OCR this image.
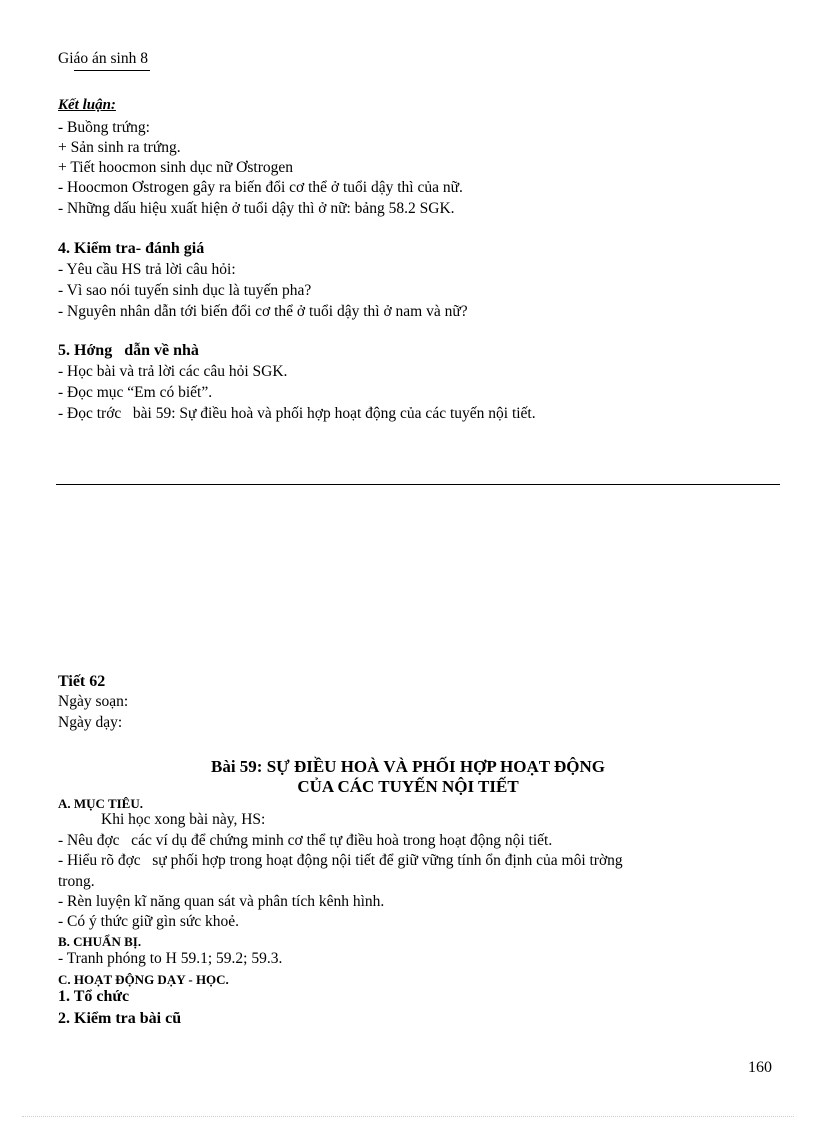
Giáo án sinh 8
Kết luận:
- Buồng trứng:
+ Sản sinh ra trứng.
+ Tiết hoocmon sinh dục nữ Ơstrogen
- Hoocmon Ơstrogen gây ra biến đổi cơ thể ở tuổi dậy thì của nữ.
- Những dấu hiệu xuất hiện ở tuổi dậy thì ở nữ: bảng 58.2 SGK.
4. Kiểm tra- đánh giá
- Yêu cầu HS trả lời câu hỏi:
- Vì sao nói tuyến sinh dục là tuyến pha?
- Nguyên nhân dẫn tới biến đổi cơ thể ở tuổi dậy thì ở nam và nữ?
5. Hớng   dẫn về nhà
- Học bài và trả lời các câu hỏi SGK.
- Đọc mục “Em có biết”.
- Đọc trớc   bài 59: Sự điều hoà và phối hợp hoạt động của các tuyến nội tiết.
Tiết 62
Ngày soạn:
Ngày dạy:
Bài 59: SỰ ĐIỀU HOÀ VÀ PHỐI HỢP HOẠT ĐỘNG
CỦA CÁC TUYẾN NỘI TIẾT
A. MỤC TIÊU.
Khi học xong bài này, HS:
- Nêu đợc   các ví dụ để chứng minh cơ thể tự điều hoà trong hoạt động nội tiết.
- Hiểu rõ đợc   sự phối hợp trong hoạt động nội tiết để giữ vững tính ổn định của môi trờng
trong.
- Rèn luyện kĩ năng quan sát và phân tích kênh hình.
- Có ý thức giữ gìn sức khoẻ.
B. CHUẨN BỊ.
- Tranh phóng to H 59.1; 59.2; 59.3.
C. HOẠT ĐỘNG DẠY - HỌC.
1. Tổ chức
2. Kiểm tra bài cũ
160
